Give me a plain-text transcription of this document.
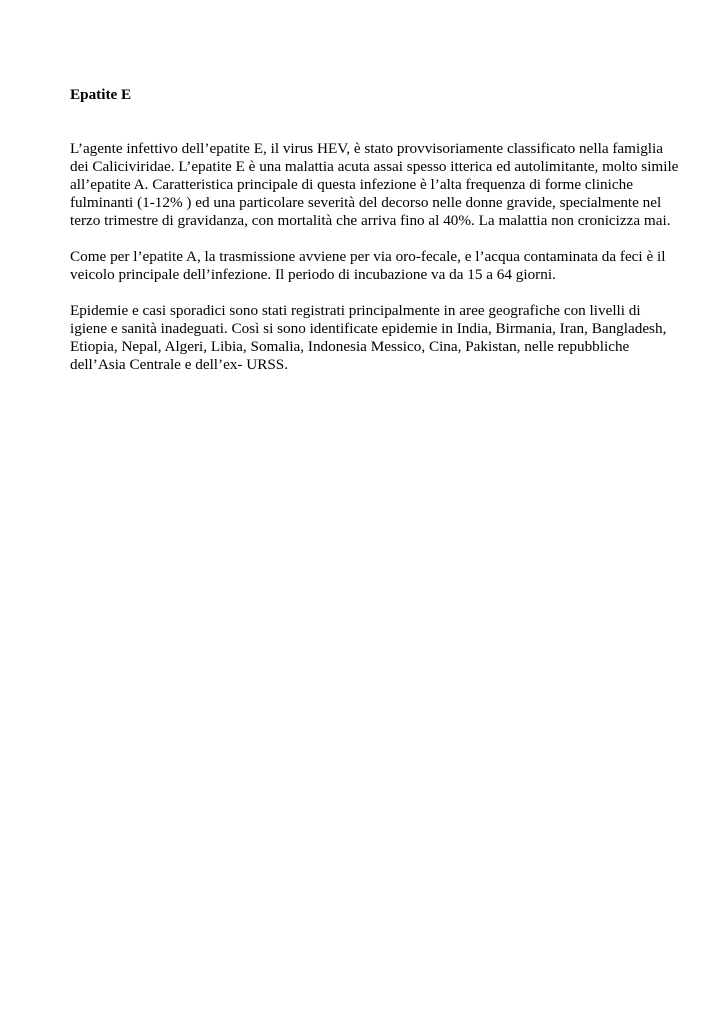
Epatite E
L’agente infettivo dell’epatite E, il virus HEV, è stato provvisoriamente classificato nella famiglia
dei Caliciviridae. L’epatite E è una malattia acuta assai spesso itterica ed autolimitante, molto simile
all’epatite A. Caratteristica principale di questa infezione è l’alta frequenza di forme cliniche
fulminanti (1-12% ) ed una particolare severità del decorso nelle donne gravide, specialmente nel
terzo trimestre di gravidanza, con mortalità che arriva fino al 40%. La malattia non cronicizza mai.
Come per l’epatite A, la trasmissione avviene per via oro-fecale, e l’acqua contaminata da feci è il
veicolo principale dell’infezione. Il periodo di incubazione va da 15 a 64 giorni.
Epidemie e casi sporadici sono stati registrati principalmente in aree geografiche con livelli di
igiene e sanità inadeguati. Così si sono identificate epidemie in India, Birmania, Iran, Bangladesh,
Etiopia, Nepal, Algeri, Libia, Somalia, Indonesia Messico, Cina, Pakistan, nelle repubbliche
dell’Asia Centrale e dell’ex- URSS.
